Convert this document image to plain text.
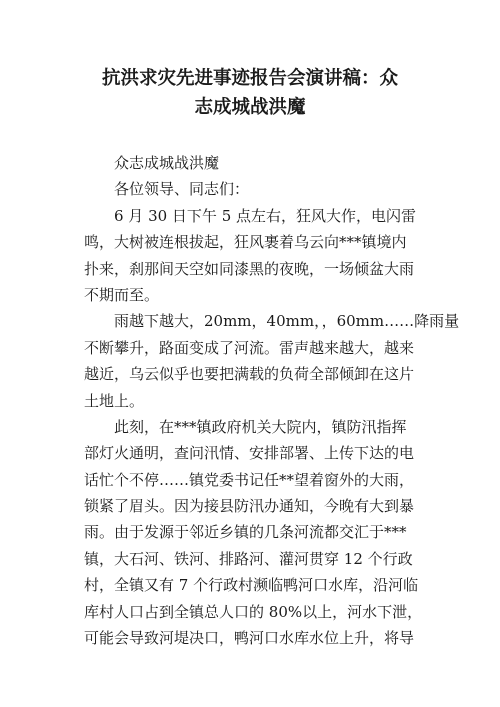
抗洪求灾先进事迹报告会演讲稿：众
志成城战洪魔
　　众志成城战洪魔
　　各位领导、同志们：
　　6 月 30 日下午 5 点左右，狂风大作，电闪雷
鸣，大树被连根拔起，狂风裹着乌云向***镇境内
扑来，刹那间天空如同漆黑的夜晚，一场倾盆大雨
不期而至。
　　雨越下越大，20mm，40mm，，60mm……降雨量
不断攀升，路面变成了河流。雷声越来越大，越来
越近，乌云似乎也要把满载的负荷全部倾卸在这片
土地上。
　　此刻，在***镇政府机关大院内，镇防汛指挥
部灯火通明，查问汛情、安排部署、上传下达的电
话忙个不停……镇党委书记任**望着窗外的大雨，
锁紧了眉头。因为接县防汛办通知，今晚有大到暴
雨。由于发源于邻近乡镇的几条河流都交汇于***
镇，大石河、铁河、排路河、灌河贯穿 12 个行政
村，全镇又有 7 个行政村濒临鸭河口水库，沿河临
库村人口占到全镇总人口的 80%以上，河水下泄，
可能会导致河堤决口，鸭河口水库水位上升，将导
